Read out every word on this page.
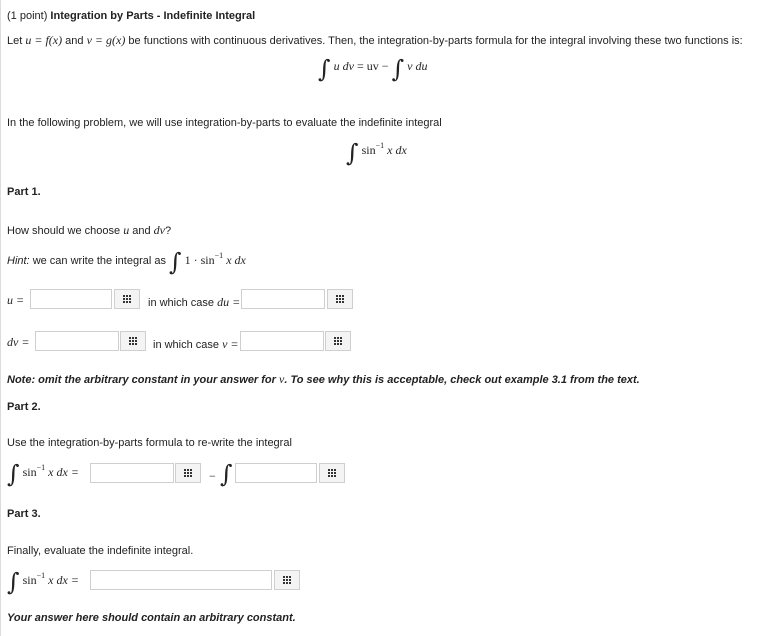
(1 point) Integration by Parts - Indefinite Integral
Let u = f(x) and v = g(x) be functions with continuous derivatives. Then, the integration-by-parts formula for the integral involving these two functions is:
∫ u dv = uv − ∫ v du
In the following problem, we will use integration-by-parts to evaluate the indefinite integral
∫ $\sin^{-1} x$ dx
Part 1.
How should we choose u and dv?
Hint: we can write the integral as ∫ $1 \cdot \sin^{-1} x$ dx
u =	in which case du =
dv =	in which case v =
Note: omit the arbitrary constant in your answer for v. To see why this is acceptable, check out example 3.1 from the text.
Part 2.
Use the integration-by-parts formula to re-write the integral
∫ $\sin^{-1} x$ dx =	− ∫
Part 3.
Finally, evaluate the indefinite integral.
∫ $\sin^{-1} x$ dx =
Your answer here should contain an arbitrary constant.
